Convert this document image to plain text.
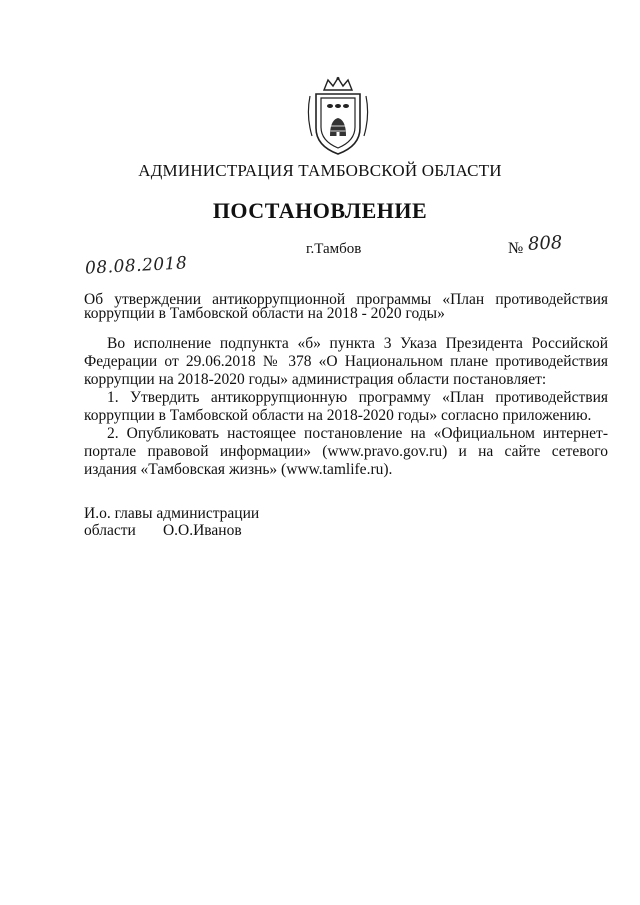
АДМИНИСТРАЦИЯ ТАМБОВСКОЙ ОБЛАСТИ
ПОСТАНОВЛЕНИЕ
г.Тамбов	№ 808
08.08.2018
Об утверждении антикоррупционной программы «План противодействия коррупции в Тамбовской области на 2018 - 2020 годы»

Во исполнение подпункта «б» пункта 3 Указа Президента Российской Федерации от 29.06.2018 № 378 «О Национальном плане противодействия коррупции на 2018-2020 годы» администрация области постановляет:

1. Утвердить антикоррупционную программу «План противодействия коррупции в Тамбовской области на 2018-2020 годы» согласно приложению.

2. Опубликовать настоящее постановление на «Официальном интернет-портале правовой информации» (www.pravo.gov.ru) и на сайте сетевого издания «Тамбовская жизнь» (www.tamlife.ru).

И.о. главы администрации
области О.О.Иванов
